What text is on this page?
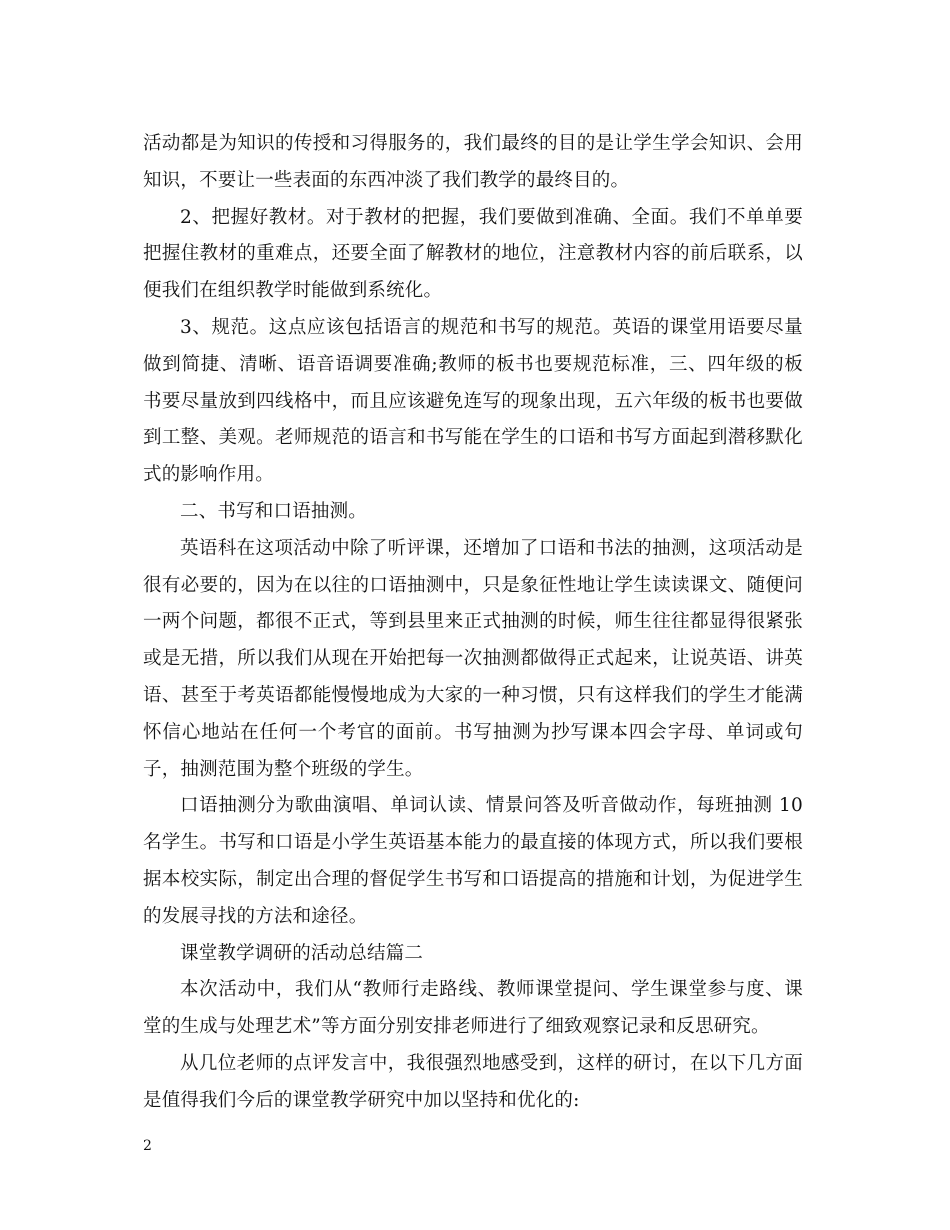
活动都是为知识的传授和习得服务的，我们最终的目的是让学生学会知识、会用知识，不要让一些表面的东西冲淡了我们教学的最终目的。

2、把握好教材。对于教材的把握，我们要做到准确、全面。我们不单单要把握住教材的重难点，还要全面了解教材的地位，注意教材内容的前后联系，以便我们在组织教学时能做到系统化。

3、规范。这点应该包括语言的规范和书写的规范。英语的课堂用语要尽量做到简捷、清晰、语音语调要准确;教师的板书也要规范标准，三、四年级的板书要尽量放到四线格中，而且应该避免连写的现象出现，五六年级的板书也要做到工整、美观。老师规范的语言和书写能在学生的口语和书写方面起到潜移默化式的影响作用。

二、书写和口语抽测。

英语科在这项活动中除了听评课，还增加了口语和书法的抽测，这项活动是很有必要的，因为在以往的口语抽测中，只是象征性地让学生读读课文、随便问一两个问题，都很不正式，等到县里来正式抽测的时候，师生往往都显得很紧张或是无措，所以我们从现在开始把每一次抽测都做得正式起来，让说英语、讲英语、甚至于考英语都能慢慢地成为大家的一种习惯，只有这样我们的学生才能满怀信心地站在任何一个考官的面前。书写抽测为抄写课本四会字母、单词或句子，抽测范围为整个班级的学生。

口语抽测分为歌曲演唱、单词认读、情景问答及听音做动作，每班抽测 10 名学生。书写和口语是小学生英语基本能力的最直接的体现方式，所以我们要根据本校实际，制定出合理的督促学生书写和口语提高的措施和计划，为促进学生的发展寻找的方法和途径。

课堂教学调研的活动总结篇二

本次活动中，我们从“教师行走路线、教师课堂提问、学生课堂参与度、课堂的生成与处理艺术”等方面分别安排老师进行了细致观察记录和反思研究。

从几位老师的点评发言中，我很强烈地感受到，这样的研讨，在以下几方面是值得我们今后的课堂教学研究中加以坚持和优化的:

2
